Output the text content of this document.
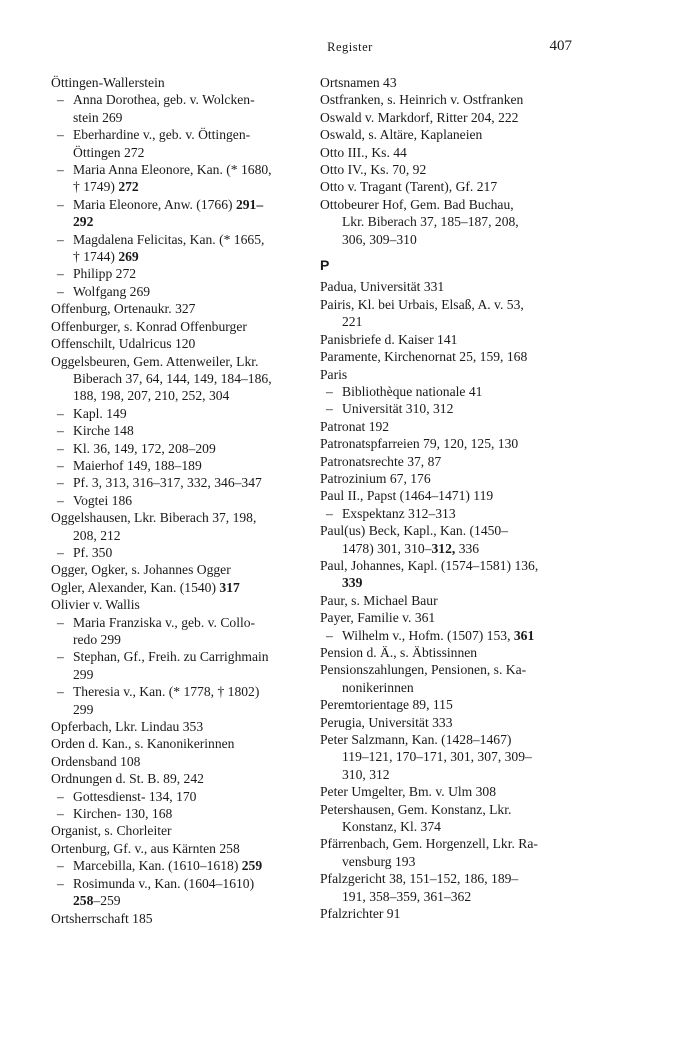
Register	407
Öttingen-Wallerstein
– Anna Dorothea, geb. v. Wolcken-
stein 269
– Eberhardine v., geb. v. Öttingen-
Öttingen 272
– Maria Anna Eleonore, Kan. (* 1680,
† 1749) 272
– Maria Eleonore, Anw. (1766) 291–
292
– Magdalena Felicitas, Kan. (* 1665,
† 1744) 269
– Philipp 272
– Wolfgang 269
Offenburg, Ortenaukr. 327
Offenburger, s. Konrad Offenburger
Offenschilt, Udalricus 120
Oggelsbeuren, Gem. Attenweiler, Lkr.
Biberach 37, 64, 144, 149, 184–186,
188, 198, 207, 210, 252, 304
– Kapl. 149
– Kirche 148
– Kl. 36, 149, 172, 208–209
– Maierhof 149, 188–189
– Pf. 3, 313, 316–317, 332, 346–347
– Vogtei 186
Oggelshausen, Lkr. Biberach 37, 198,
208, 212
– Pf. 350
Ogger, Ogker, s. Johannes Ogger
Ogler, Alexander, Kan. (1540) 317
Olivier v. Wallis
– Maria Franziska v., geb. v. Collo-
redo 299
– Stephan, Gf., Freih. zu Carrighmain
299
– Theresia v., Kan. (* 1778, † 1802)
299
Opferbach, Lkr. Lindau 353
Orden d. Kan., s. Kanonikerinnen
Ordensband 108
Ordnungen d. St. B. 89, 242
– Gottesdienst- 134, 170
– Kirchen- 130, 168
Organist, s. Chorleiter
Ortenburg, Gf. v., aus Kärnten 258
– Marcebilla, Kan. (1610–1618) 259
– Rosimunda v., Kan. (1604–1610)
258–259
Ortsherrschaft 185
Ortsnamen 43
Ostfranken, s. Heinrich v. Ostfranken
Oswald v. Markdorf, Ritter 204, 222
Oswald, s. Altäre, Kaplaneien
Otto III., Ks. 44
Otto IV., Ks. 70, 92
Otto v. Tragant (Tarent), Gf. 217
Ottobeurer Hof, Gem. Bad Buchau,
Lkr. Biberach 37, 185–187, 208,
306, 309–310
P
Padua, Universität 331
Pairis, Kl. bei Urbais, Elsaß, A. v. 53,
221
Panisbriefe d. Kaiser 141
Paramente, Kirchenornat 25, 159, 168
Paris
– Bibliothèque nationale 41
– Universität 310, 312
Patronat 192
Patronatspfarreien 79, 120, 125, 130
Patronatsrechte 37, 87
Patrozinium 67, 176
Paul II., Papst (1464–1471) 119
– Exspektanz 312–313
Paul(us) Beck, Kapl., Kan. (1450–
1478) 301, 310–312, 336
Paul, Johannes, Kapl. (1574–1581) 136,
339
Paur, s. Michael Baur
Payer, Familie v. 361
– Wilhelm v., Hofm. (1507) 153, 361
Pension d. Ä., s. Äbtissinnen
Pensionszahlungen, Pensionen, s. Ka-
nonikerinnen
Peremtorientage 89, 115
Perugia, Universität 333
Peter Salzmann, Kan. (1428–1467)
119–121, 170–171, 301, 307, 309–
310, 312
Peter Umgelter, Bm. v. Ulm 308
Petershausen, Gem. Konstanz, Lkr.
Konstanz, Kl. 374
Pfärrenbach, Gem. Horgenzell, Lkr. Ra-
vensburg 193
Pfalzgericht 38, 151–152, 186, 189–
191, 358–359, 361–362
Pfalzrichter 91
